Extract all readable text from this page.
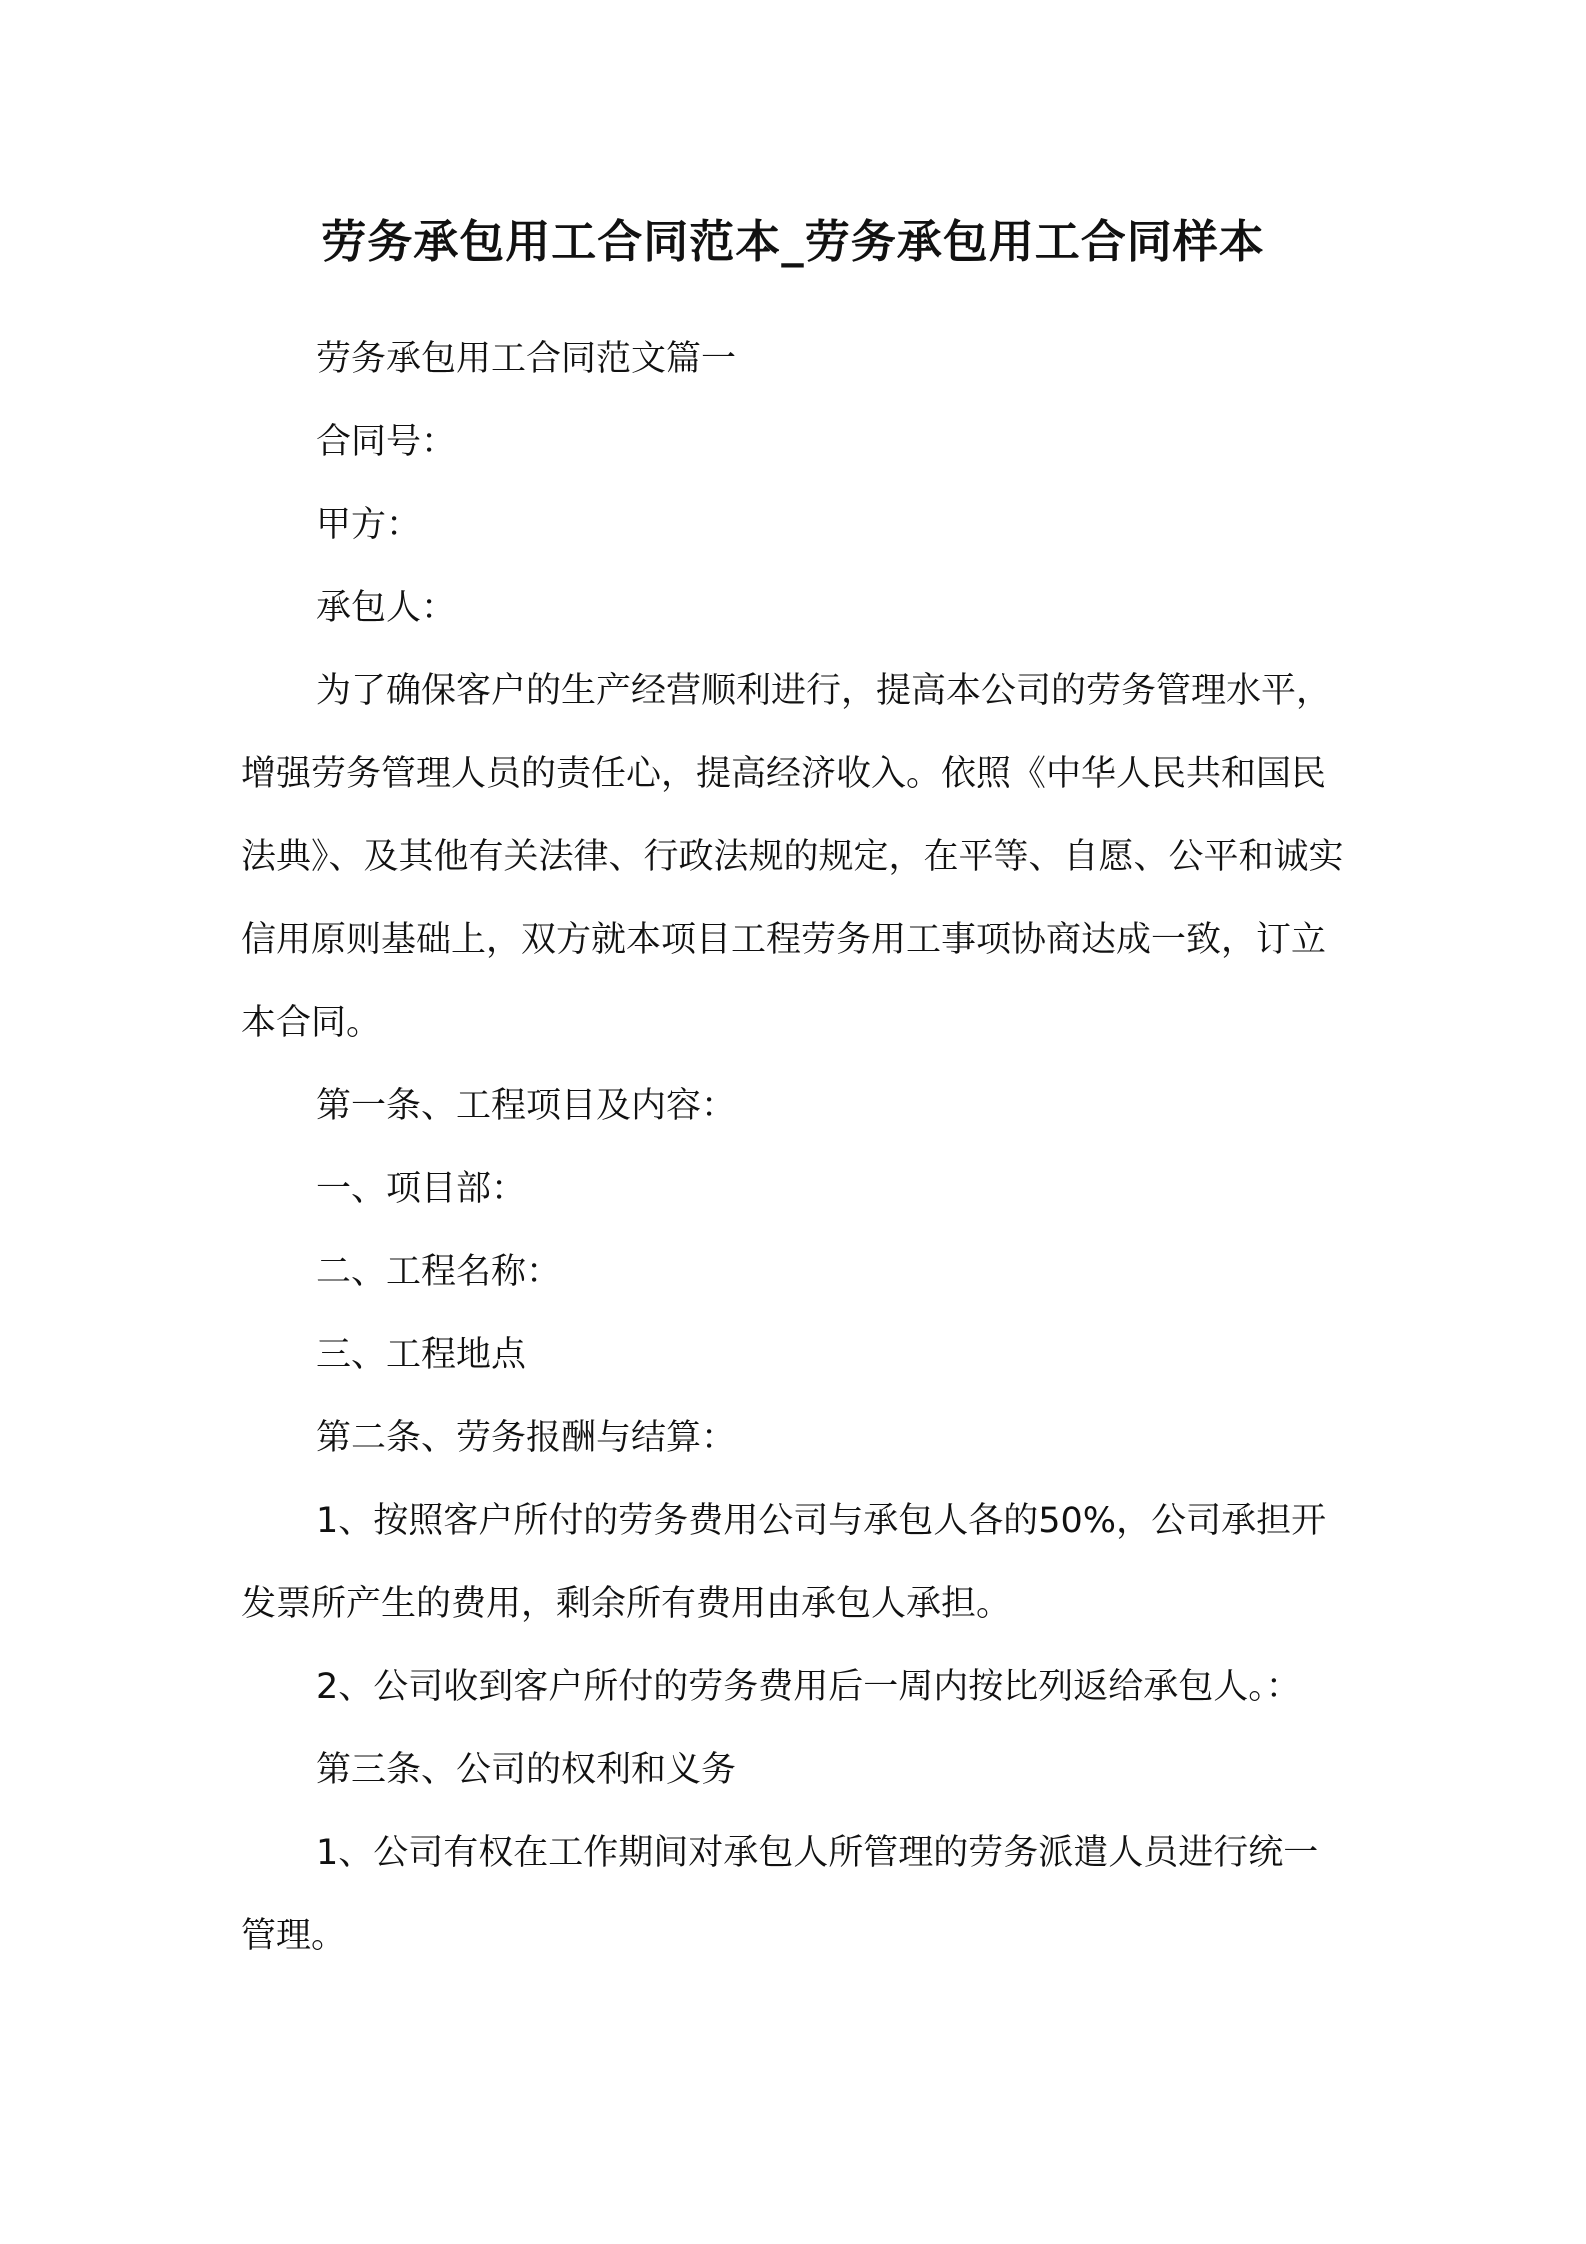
劳务承包用工合同范本_劳务承包用工合同样本

劳务承包用工合同范文篇一

合同号：

甲方：

承包人：

为了确保客户的生产经营顺利进行，提高本公司的劳务管理水平，增强劳务管理人员的责任心，提高经济收入。依照《中华人民共和国民法典》、及其他有关法律、行政法规的规定，在平等、自愿、公平和诚实信用原则基础上，双方就本项目工程劳务用工事项协商达成一致，订立本合同。

第一条、工程项目及内容：

一、项目部：

二、工程名称：

三、工程地点

第二条、劳务报酬与结算：

1、按照客户所付的劳务费用公司与承包人各的50%，公司承担开发票所产生的费用，剩余所有费用由承包人承担。

2、公司收到客户所付的劳务费用后一周内按比列返给承包人。：

第三条、公司的权利和义务

1、公司有权在工作期间对承包人所管理的劳务派遣人员进行统一管理。
